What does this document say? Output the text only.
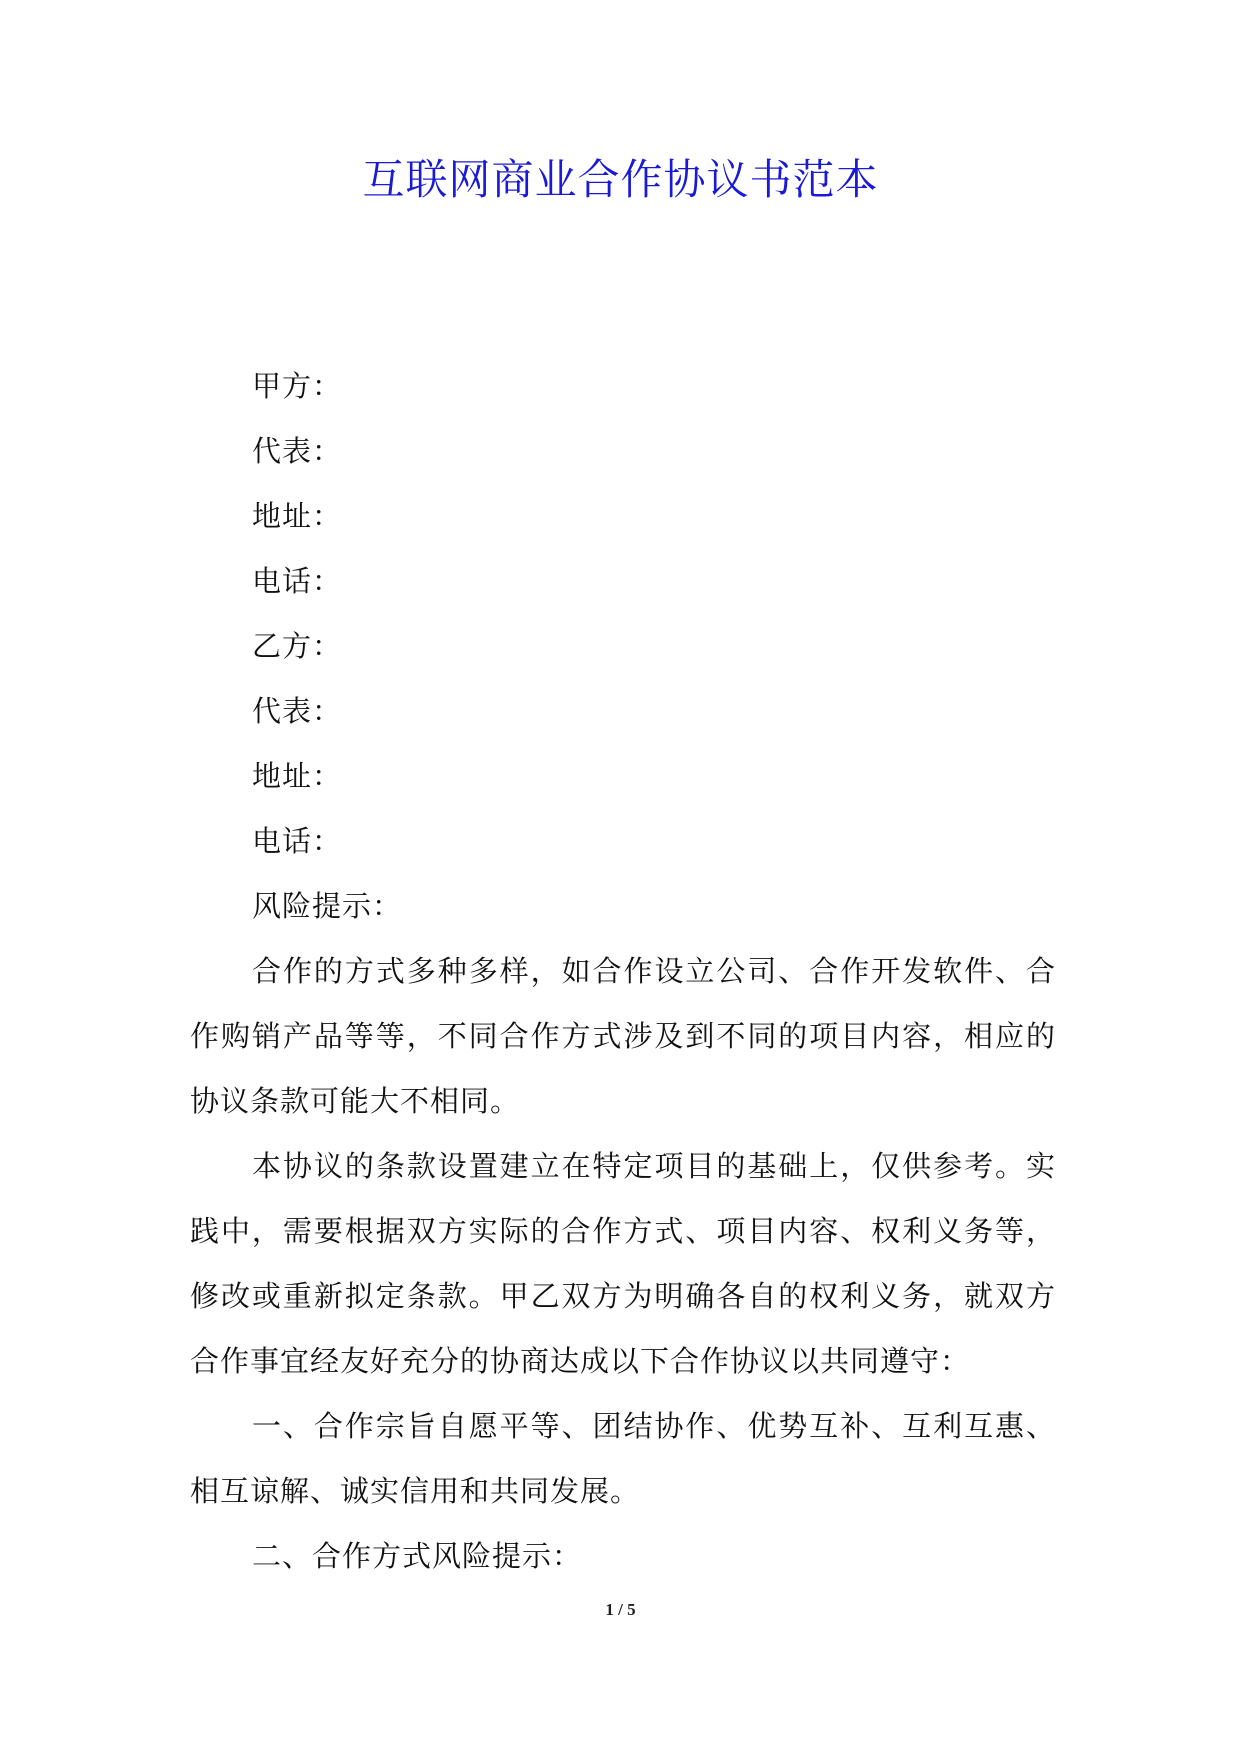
互联网商业合作协议书范本

甲方：

代表：

地址：

电话：

乙方：

代表：

地址：

电话：

风险提示：

合作的方式多种多样，如合作设立公司、合作开发软件、合作购销产品等等，不同合作方式涉及到不同的项目内容，相应的协议条款可能大不相同。

本协议的条款设置建立在特定项目的基础上，仅供参考。实践中，需要根据双方实际的合作方式、项目内容、权利义务等，修改或重新拟定条款。甲乙双方为明确各自的权利义务，就双方合作事宜经友好充分的协商达成以下合作协议以共同遵守：

一、合作宗旨自愿平等、团结协作、优势互补、互利互惠、相互谅解、诚实信用和共同发展。

二、合作方式风险提示：

1 / 5
